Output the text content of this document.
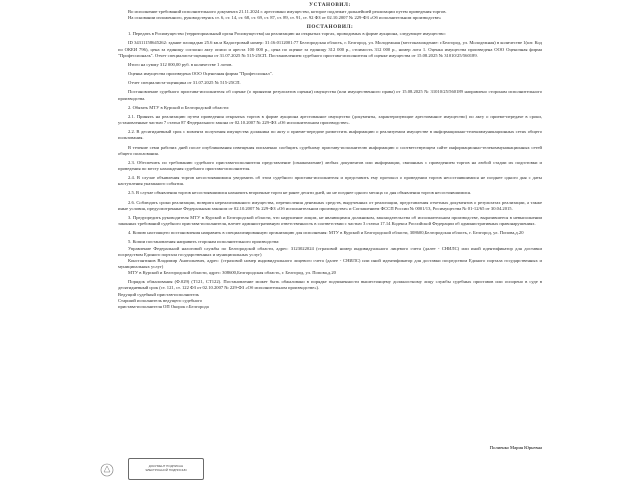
УСТАНОВИЛ:

Во исполнение требований исполнительного документа 21.11.2024 г. арестовано имущество, которое подлежит дальнейшей реализации путем проведения торгов.

На основании изложенного, руководствуясь ст. 6, ст. 14, ст. 68, ст. 69, ст. 87, ст. 89, ст. 91, ст. 92 ФЗ от 02.10.2007 № 229-ФЗ «Об исполнительном производстве»

ПОСТАНОВИЛ:

1. Передать в Росимущество (территориальный орган Росимущества) на реализацию на открытых торгах, проводимых в форме аукциона, следующее имущество:

ID 34311158645262: здание площадью 25.6 кв.м Кадастровый номер: 31:16:0112001:77 Белгородская область, г. Белгород, ул. Молодежная (местонахождение: г.Белгород, ул. Молодежная) в количестве 1(шт. Код по ОКЕИ 796), цена за единицу согласно акту описи и ареста 100 000 р., цена по оценке за единицу 312 000 р., стоимость 312 000 р., номер лота 1. Оценка имущества произведена ООО Оценочная фирма "Профессиональ". Отчет специалиста-оценщика от 31.07.2025 № 515-25СП. Постановлением судебного пристава-исполнителя об оценке имущества от 15.08.2025 № 31010/25/560189.

Итого на сумму 312 000,00 руб. в количестве 1 лотов.

Оценка имущества произведена ООО Оценочная фирма "Профессионал".

Отчет специалиста-оценщика от 31.07.2025 № 515-25СП.

Постановление судебного пристава-исполнителя об оценке (о принятии результатов оценки) имущества (или имущественного права) от 15.08.2025 № 31010/25/560189 направлено сторонам исполнительного производства.

2. Обязать МТУ в Курской и Белгородской области:

2.1. Принять на реализацию путем проведения открытых торгов в форме аукциона арестованное имущество (документы, характеризующие арестованное имущество) по акту о приеме-передаче в сроки, установленные частью 7 статьи 87 Федерального закона от 02.10.2007 № 229-ФЗ «Об исполнительном производстве».

2.2. В десятидневный срок с момента получения имущества должника по акту о приеме-передаче разместить информацию о реализуемом имуществе в информационно-телекоммуникационных сетях общего пользования.

В течение семи рабочих дней после опубликования извещения письменно сообщить судебному приставу-исполнителю информацию о соответствующем сайте информационно-телекоммуникационных сетей общего пользования.

2.3. Обеспечить по требованию судебного пристава-исполнителя представление (ознакомление) любых документов или информации, связанных с проведением торгов на любой стадии их подготовки и проведения по месту нахождения судебного пристава-исполнителя.

2.4. В случае объявления торгов несостоявшимися уведомить об этом судебного пристава-исполнителя и представить ему протокол о проведении торгов несостоявшимися не позднее одного дня с даты наступления указанного события.

2.5. В случае объявления торгов несостоявшимися назначить вторичные торги не ранее десяти дней, но не позднее одного месяца со дня объявления торгов несостоявшимися.

2.6. Соблюдать сроки реализации, возврата нереализованного имущества, перечисления денежных средств, вырученных от реализации, представления отчетных документов о результатах реализации, а также иные условия, предусмотренные Федеральным законом от 02.10.2007 № 229-ФЗ «Об исполнительном производстве» и Соглашением ФССП России № 0001/13, Росимущества № 01-12/65 от 30.04.2015.

3. Предупредить руководителя МТУ в Курской и Белгородской области, что нарушение лицом, не являющимся должником, законодательства об исполнительном производстве, выразившееся в невыполнении законных требований судебного пристава-исполнителя, влечет административную ответственность в соответствии с частью 3 статьи 17.14 Кодекса Российской Федерации об административных правонарушениях.

4. Копию настоящего постановления направить в специализированную организацию для исполнения: МТУ в Курской и Белгородской области, 308600,Белгородская область, г. Белгород, ул. Попова,д.20

5. Копии постановления направить сторонам исполнительного производства:

Управление Федеральной налоговой службы по Белгородской области, адрес: 3123022024 (страховой номер индивидуального лицевого счета (далее - СНИЛС) или иной идентификатор для доставки посредством Единого портала государственных и муниципальных услуг)

Константинов Владимир Анатольевич, адрес: (страховой номер индивидуального лицевого счета (далее - СНИЛС) или иной идентификатор для доставки посредством Единого портала государственных и муниципальных услуг)

МТУ в Курской и Белгородской области, адрес: 308600,Белгородская область, г. Белгород, ул. Попова,д.20

Порядок обжалования (Ф.029) (Т121, СТ122). Постановление может быть обжаловано в порядке подчиненности вышестоящему должностному лицу службы судебных приставов или оспорено в суде в десятидневный срок (ст. 121, ст. 122 ФЗ от 02.10.2007 № 229-ФЗ «Об исполнительном производстве»).

Ведущий судебный пристав-исполнитель
Старший исполнитель ведущего судебного
пристава-исполнителя ОП Окорок г.Белгорода
Полиенко Мария Юрьевна
ДОКУМЕНТ ПОДПИСАН
ЭЛЕКТРОННОЙ ПОДПИСЬЮ
